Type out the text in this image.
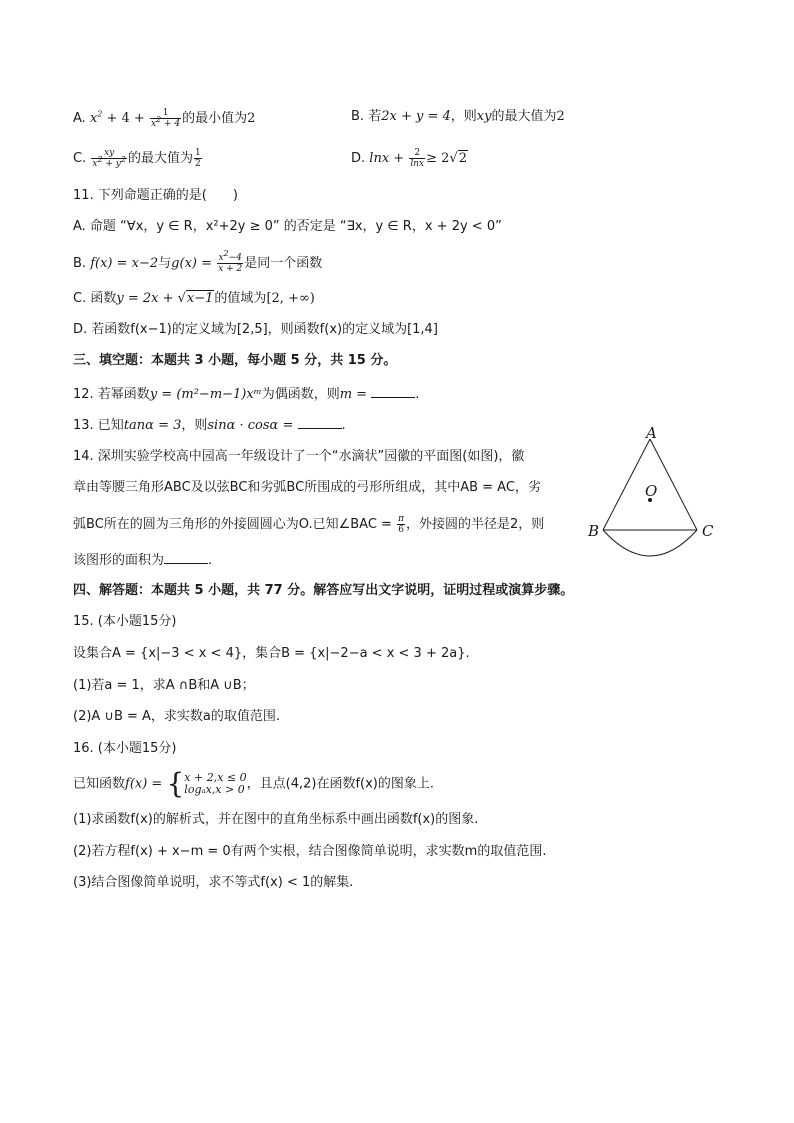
A. $x^2 + 4 + \frac{1}{x^2 + 4}$ 的最小值为2	B. 若2x + y = 4，则xy的最大值为2
C. $\frac{xy}{x^2 + y^2}$ 的最大值为 $\frac{1}{2}$	D. $\ln x + \frac{2}{\ln x} \ge 2√2$
11. 下列命题正确的是(　　)
A. 命题 “∀x，y ∈ R，x²+2y ≥ 0” 的否定是 “∃x，y ∈ R，x + 2y < 0”
B. f(x) = x−2与$g(x) = \frac{x^2-4}{x + 2}$ 是同一个函数
C. 函数y = 2x + √x−1的值域为[2, +∞)
D. 若函数f(x−1)的定义域为[2,5]，则函数f(x)的定义域为[1,4]
三、填空题：本题共 3 小题，每小题 5 分，共 15 分。
12. 若幂函数y = (m²−m−1)xᵐ为偶函数，则m =	.
13. 已知tanα = 3，则sinα · cosα =	.
14. 深圳实验学校高中园高一年级设计了一个“水滴状”园徽的平面图(如图)，徽
章由等腰三角形ABC及以弦BC和劣弧BC所围成的弓形所组成，其中AB = AC，劣
弧BC所在的圆为三角形的外接圆圆心为O.已知∠BAC = $\frac{\pi}{6}$ ，外接圆的半径是2，则
该图形的面积为	.
A
B	C
O
四、解答题：本题共 5 小题，共 77 分。解答应写出文字说明，证明过程或演算步骤。
15. (本小题15分)
设集合A = {x|−3 < x < 4}，集合B = {x|−2−a < x < 3 + 2a}.
(1)若a = 1，求A ∩B和A ∪B；
(2)A ∪B = A，求实数a的取值范围.
16. (本小题15分)
已知函数f(x) = { x + 2,x ≤ 0
logₐx,x > 0 ，且点(4,2)在函数f(x)的图象上.
(1)求函数f(x)的解析式，并在图中的直角坐标系中画出函数f(x)的图象.
(2)若方程f(x) + x−m = 0有两个实根，结合图像简单说明，求实数m的取值范围.
(3)结合图像简单说明，求不等式f(x) < 1的解集.
